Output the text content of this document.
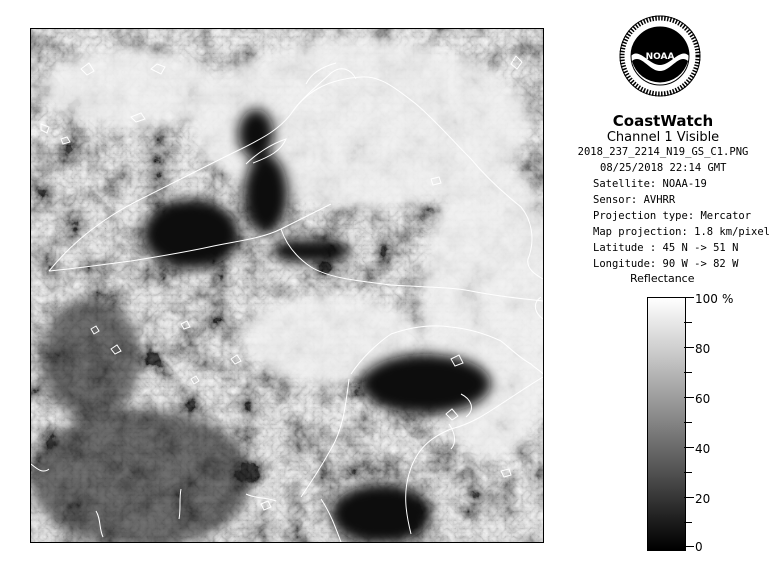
NOAA
CoastWatch
Channel 1 Visible
2018_237_2214_N19_GS_C1.PNG
08/25/2018 22:14 GMT
Satellite: NOAA-19
Sensor: AVHRR
Projection type: Mercator
Map projection: 1.8 km/pixel
Latitude : 45 N -> 51 N
Longitude: 90 W -> 82 W
Reflectance
%
100
80
60
40
20
0
